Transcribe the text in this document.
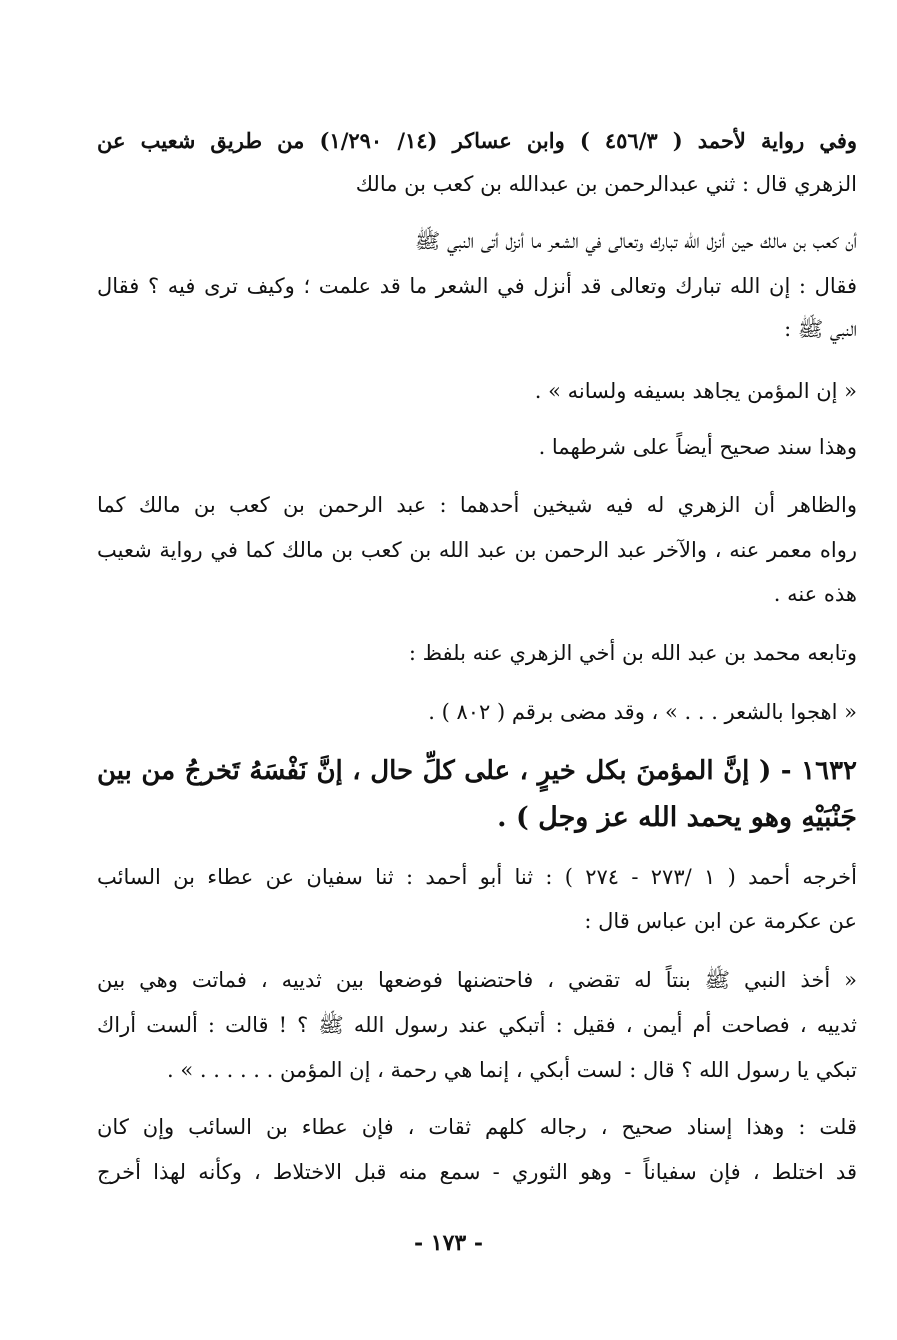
وفي رواية لأحمد ( ٤٥٦/٣ ) وابن عساكر (١٤/ ١/٢٩٠) من طريق شعيب عن
الزهري قال : ثني عبدالرحمن بن عبدالله بن كعب بن مالك
أن كعب بن مالك حين أنزل الله تبارك وتعالى في الشعر ما أنزل أتى النبي ﷺ
فقال : إن الله تبارك وتعالى قد أنزل في الشعر ما قد علمت ؛ وكيف ترى فيه ؟ فقال
النبي ﷺ :
« إن المؤمن يجاهد بسيفه ولسانه » .
وهذا سند صحيح أيضاً على شرطهما .
والظاهر أن الزهري له فيه شيخين أحدهما : عبد الرحمن بن كعب بن مالك كما
رواه معمر عنه ، والآخر عبد الرحمن بن عبد الله بن كعب بن مالك كما في رواية شعيب
هذه عنه .
وتابعه محمد بن عبد الله بن أخي الزهري عنه بلفظ :
« اهجوا بالشعر . . . » ، وقد مضى برقم ( ٨٠٢ ) .
١٦٣٢ - ( إنَّ المؤمنَ بكل خيرٍ ، على كلِّ حال ، إنَّ نَفْسَهُ تَخرجُ من بين
جَنْبَيْهِ وهو يحمد الله عز وجل ) .
أخرجه أحمد ( ١ /٢٧٣ - ٢٧٤ ) : ثنا أبو أحمد : ثنا سفيان عن عطاء بن السائب
عن عكرمة عن ابن عباس قال :
« أخذ النبي ﷺ بنتاً له تقضي ، فاحتضنها فوضعها بين ثدييه ، فماتت وهي بين
ثدييه ، فصاحت أم أيمن ، فقيل : أتبكي عند رسول الله ﷺ ؟ ! قالت : ألست أراك
تبكي يا رسول الله ؟ قال : لست أبكي ، إنما هي رحمة ، إن المؤمن . . . . . . » .
قلت : وهذا إسناد صحيح ، رجاله كلهم ثقات ، فإن عطاء بن السائب وإن كان
قد اختلط ، فإن سفياناً - وهو الثوري - سمع منه قبل الاختلاط ، وكأنه لهذا أخرج
- ١٧٣ -
